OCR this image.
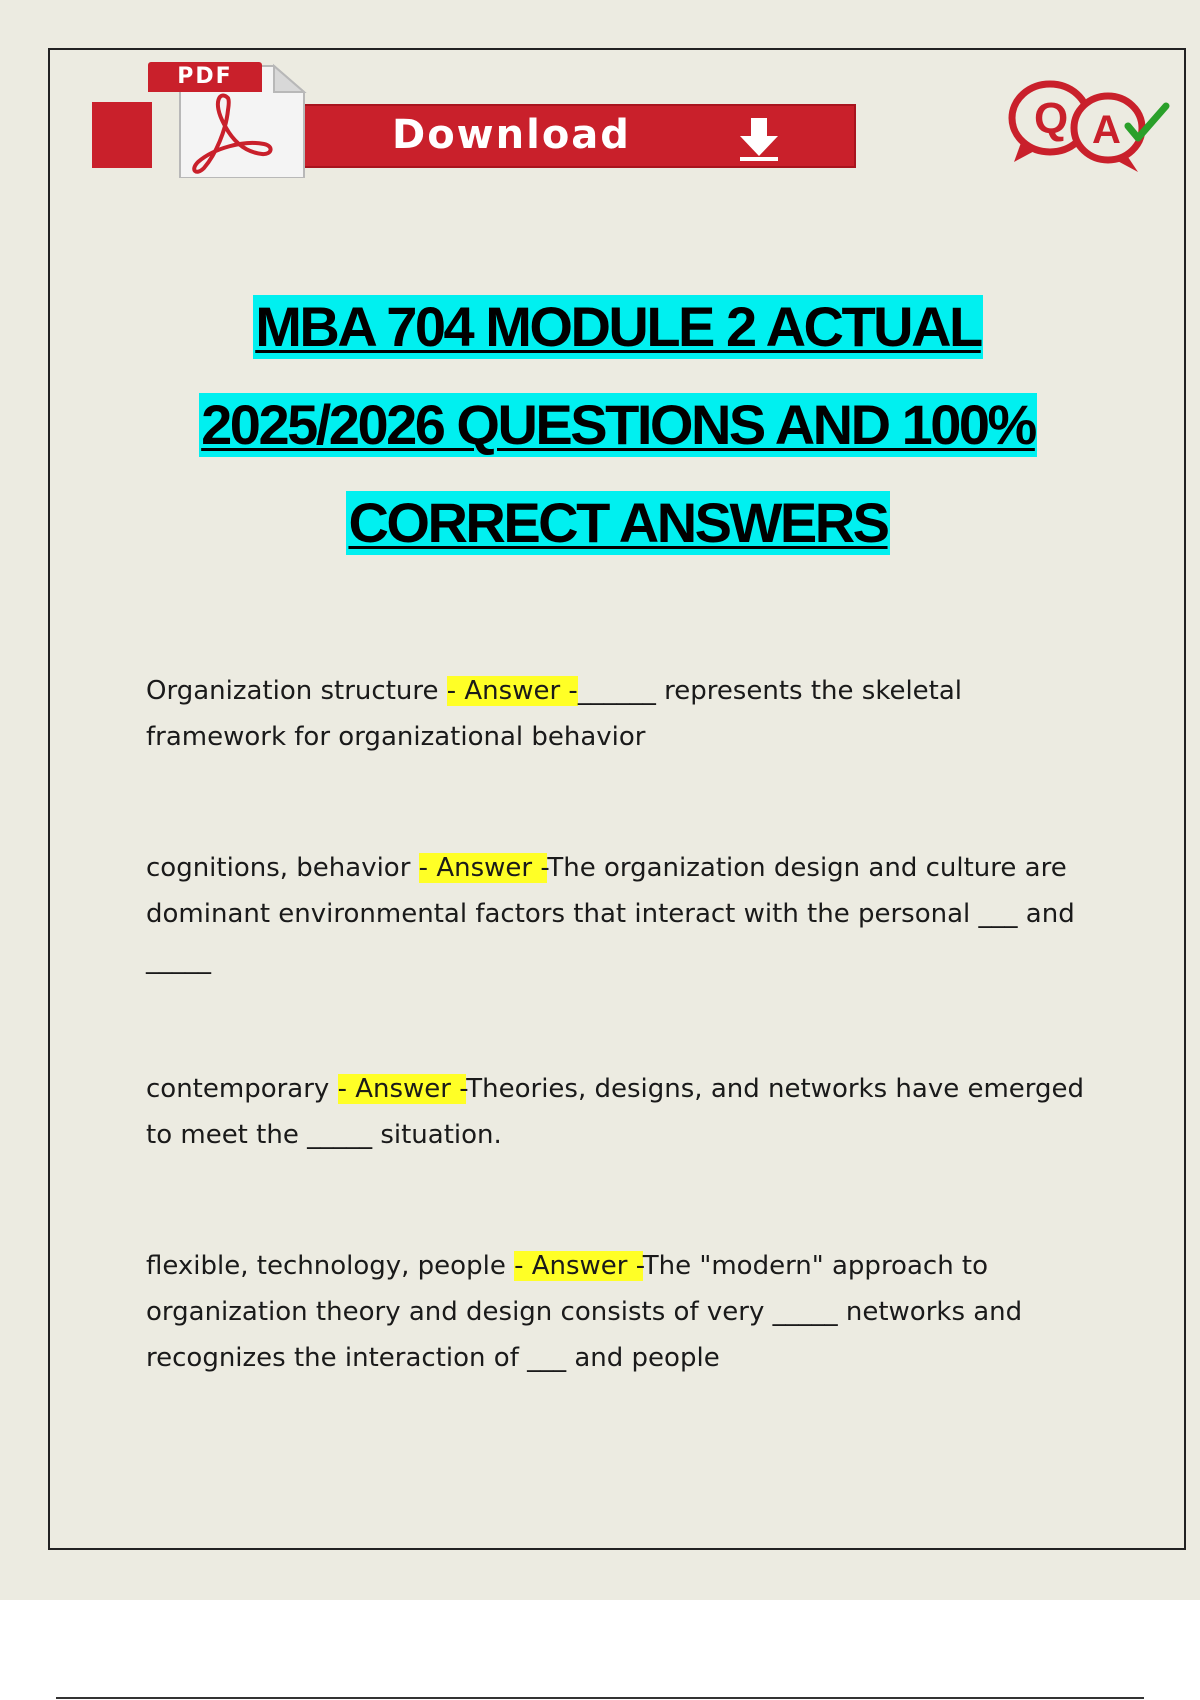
Download
PDF
Q A
MBA 704 MODULE 2 ACTUAL
2025/2026 QUESTIONS AND 100%
CORRECT ANSWERS
Organization structure - Answer -______ represents the skeletal framework for organizational behavior
cognitions, behavior - Answer -The organization design and culture are dominant environmental factors that interact with the personal ___ and _____
contemporary - Answer -Theories, designs, and networks have emerged to meet the _____ situation.
flexible, technology, people - Answer -The "modern" approach to organization theory and design consists of very _____ networks and recognizes the interaction of ___ and people
